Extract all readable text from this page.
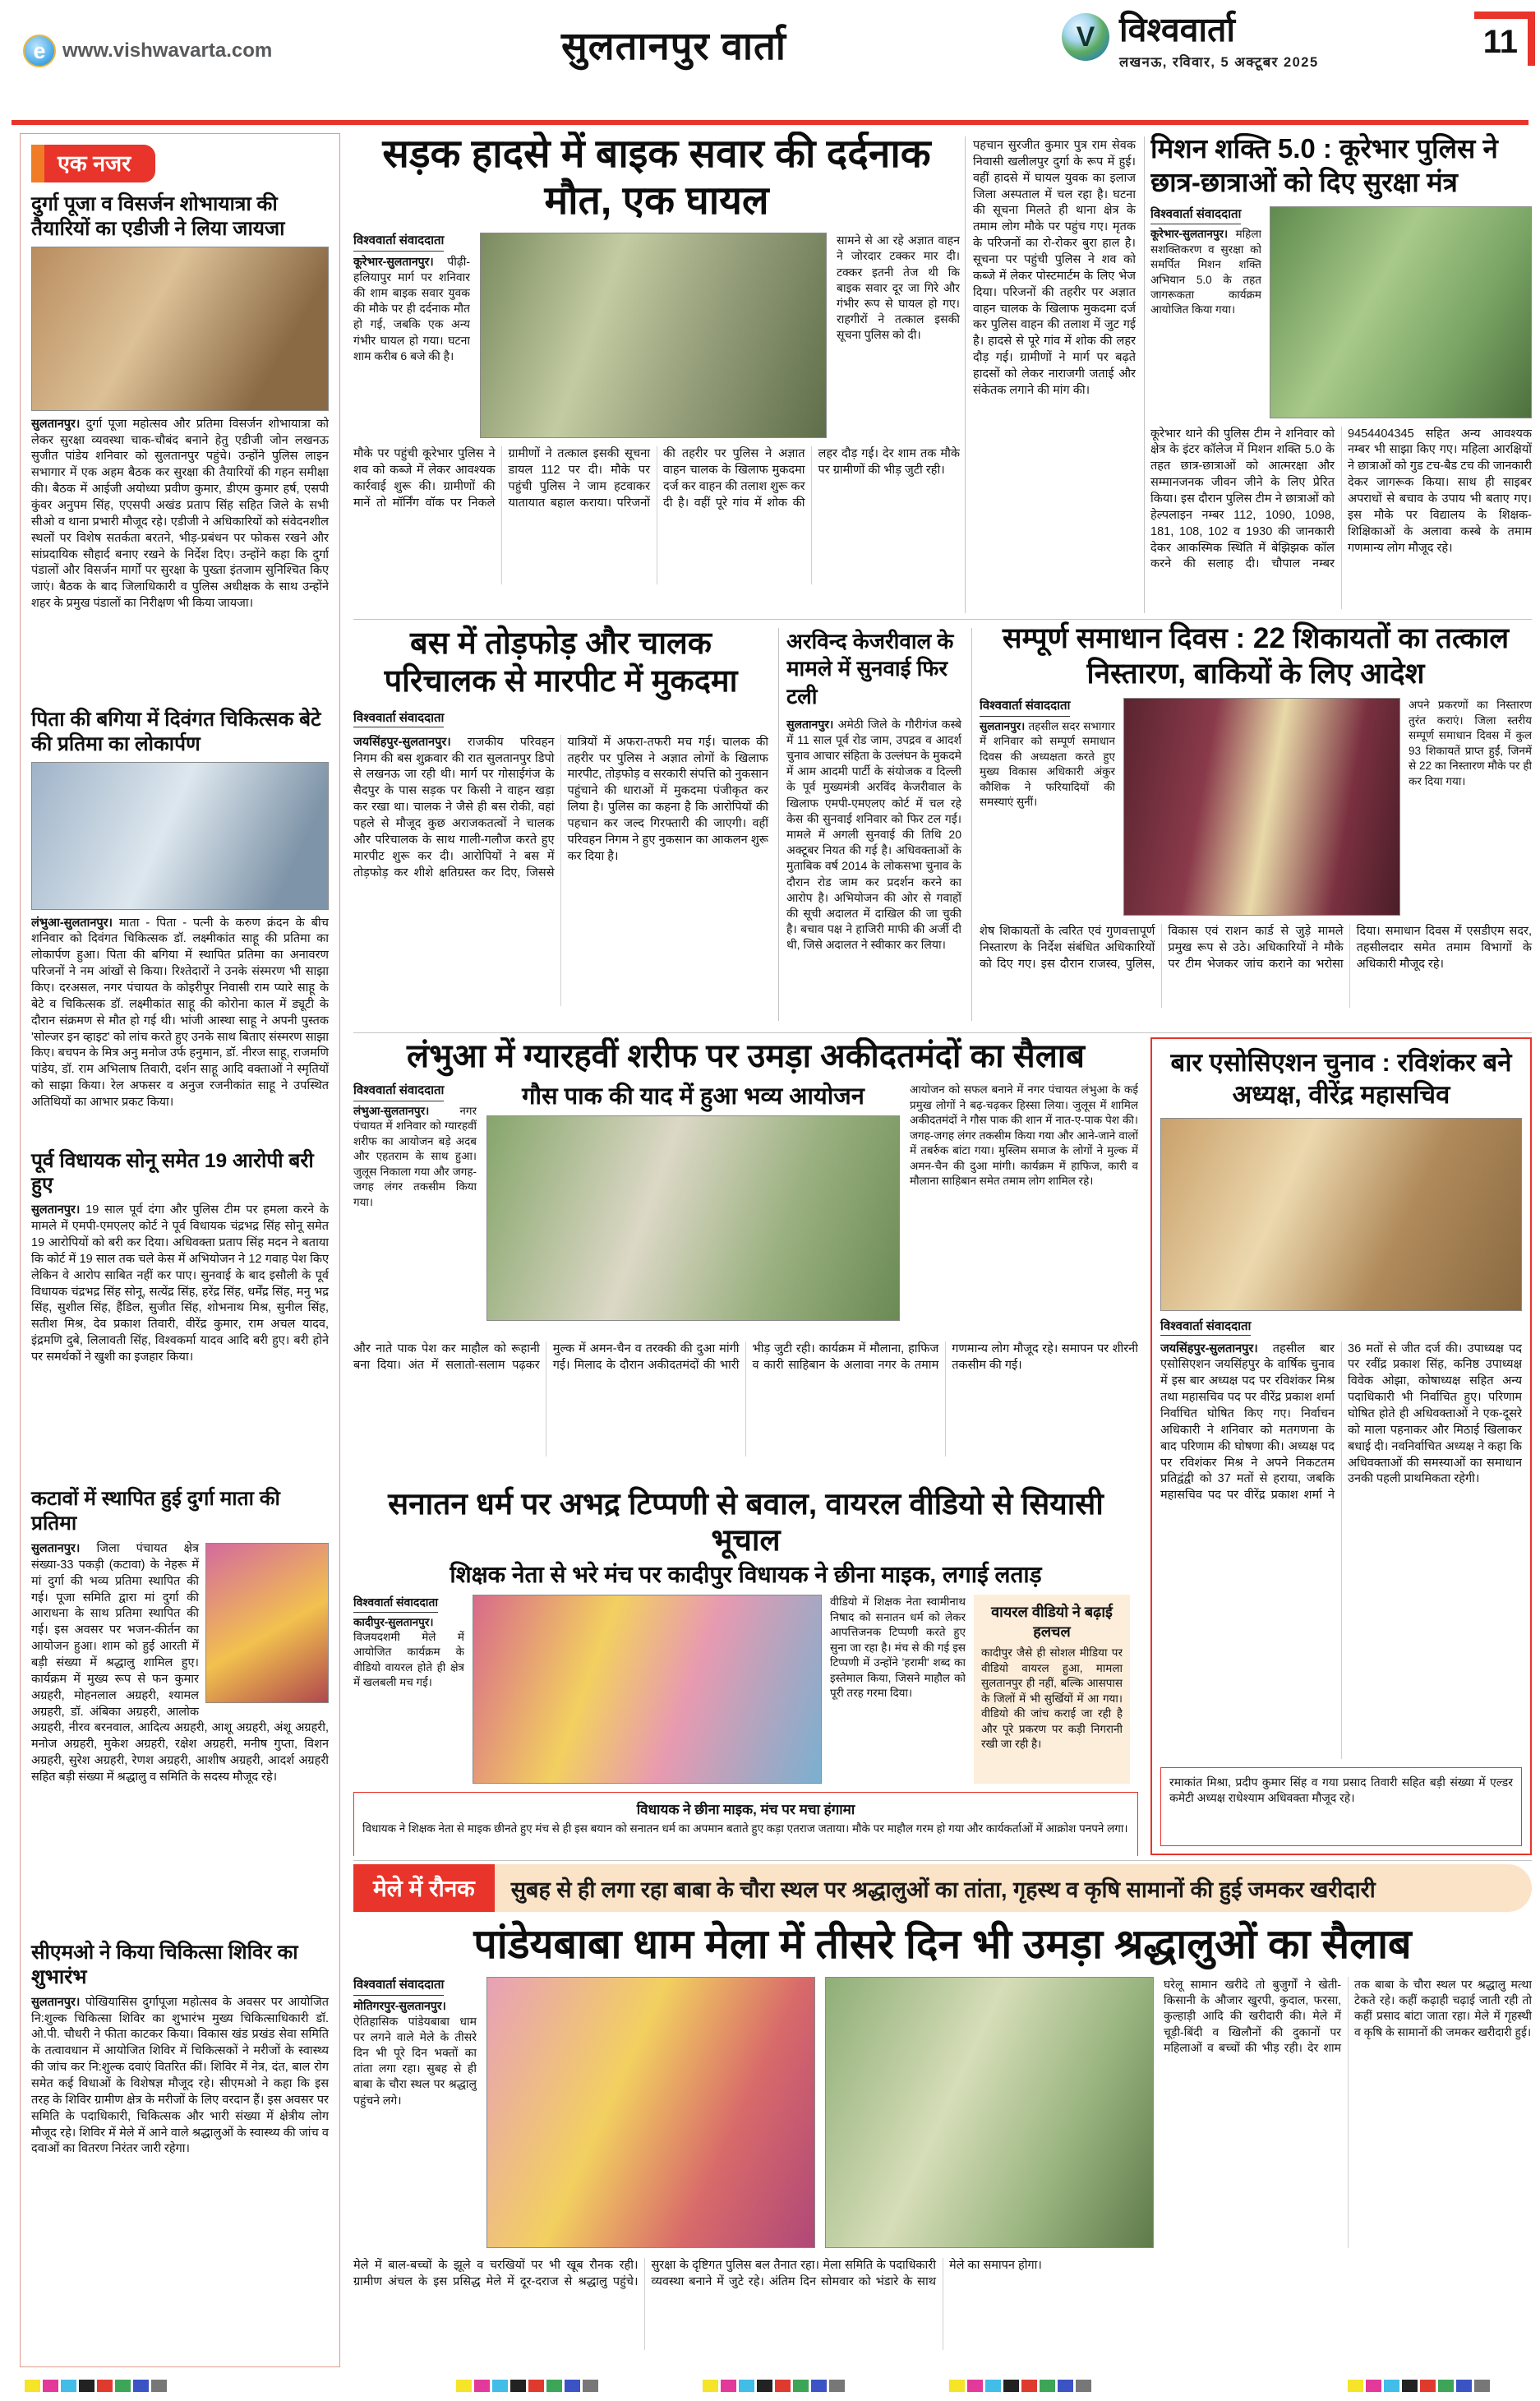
e www.vishwavarta.com	सुलतानपुर वार्ता	V विश्ववार्ता
लखनऊ, रविवार, 5 अक्टूबर 2025
11
एक नजर
दुर्गा पूजा व विसर्जन शोभायात्रा की तैयारियों का एडीजी ने लिया जायजा
सुलतानपुर। दुर्गा पूजा महोत्सव और प्रतिमा विसर्जन शोभायात्रा को लेकर सुरक्षा व्यवस्था चाक-चौबंद बनाने हेतु एडीजी जोन लखनऊ सुजीत पांडेय शनिवार को सुलतानपुर पहुंचे। उन्होंने पुलिस लाइन सभागार में एक अहम बैठक कर सुरक्षा की तैयारियों की गहन समीक्षा की। बैठक में आईजी अयोध्या प्रवीण कुमार, डीएम कुमार हर्ष, एसपी कुंवर अनुपम सिंह, एएसपी अखंड प्रताप सिंह सहित जिले के सभी सीओ व थाना प्रभारी मौजूद रहे। एडीजी ने अधिकारियों को संवेदनशील स्थलों पर विशेष सतर्कता बरतने, भीड़-प्रबंधन पर फोकस रखने और सांप्रदायिक सौहार्द बनाए रखने के निर्देश दिए। उन्होंने कहा कि दुर्गा पंडालों और विसर्जन मार्गों पर सुरक्षा के पुख्ता इंतजाम सुनिश्चित किए जाएं। बैठक के बाद जिलाधिकारी व पुलिस अधीक्षक के साथ उन्होंने शहर के प्रमुख पंडालों का निरीक्षण भी किया जायजा।
पिता की बगिया में दिवंगत चिकित्सक बेटे की प्रतिमा का लोकार्पण
लंभुआ-सुलतानपुर। माता - पिता - पत्नी के करुण क्रंदन के बीच शनिवार को दिवंगत चिकित्सक डॉ. लक्ष्मीकांत साहू की प्रतिमा का लोकार्पण हुआ। पिता की बगिया में स्थापित प्रतिमा का अनावरण परिजनों ने नम आंखों से किया। रिश्तेदारों ने उनके संस्मरण भी साझा किए। दरअसल, नगर पंचायत के कोइरीपुर निवासी राम प्यारे साहू के बेटे व चिकित्सक डॉ. लक्ष्मीकांत साहू की कोरोना काल में ड्यूटी के दौरान संक्रमण से मौत हो गई थी। भांजी आस्था साहू ने अपनी पुस्तक 'सोल्जर इन व्हाइट' को लांच करते हुए उनके साथ बिताए संस्मरण साझा किए। बचपन के मित्र अनु मनोज उर्फ हनुमान, डॉ. नीरज साहू, राजमणि पांडेय, डॉ. राम अभिलाष तिवारी, दर्शन साहू आदि वक्ताओं ने स्मृतियों को साझा किया। रेल अफसर व अनुज रजनीकांत साहू ने उपस्थित अतिथियों का आभार प्रकट किया।
पूर्व विधायक सोनू समेत 19 आरोपी बरी हुए
सुलतानपुर। 19 साल पूर्व दंगा और पुलिस टीम पर हमला करने के मामले में एमपी-एमएलए कोर्ट ने पूर्व विधायक चंद्रभद्र सिंह सोनू समेत 19 आरोपियों को बरी कर दिया। अधिवक्ता प्रताप सिंह मदन ने बताया कि कोर्ट में 19 साल तक चले केस में अभियोजन ने 12 गवाह पेश किए लेकिन वे आरोप साबित नहीं कर पाए। सुनवाई के बाद इसौली के पूर्व विधायक चंद्रभद्र सिंह सोनू, सत्येंद्र सिंह, हरेंद्र सिंह, धर्मेंद्र सिंह, मनु भद्र सिंह, सुशील सिंह, हैंडिल, सुजीत सिंह, शोभनाथ मिश्र, सुनील सिंह, सतीश मिश्र, देव प्रकाश तिवारी, वीरेंद्र कुमार, राम अचल यादव, इंद्रमणि दुबे, लिलावती सिंह, विश्वकर्मा यादव आदि बरी हुए। बरी होने पर समर्थकों ने खुशी का इजहार किया।
कटावों में स्थापित हुई दुर्गा माता की प्रतिमा
सुलतानपुर। जिला पंचायत क्षेत्र संख्या-33 पकड़ी (कटावा) के नेहरू में मां दुर्गा की भव्य प्रतिमा स्थापित की गई। पूजा समिति द्वारा मां दुर्गा की आराधना के साथ प्रतिमा स्थापित की गई। इस अवसर पर भजन-कीर्तन का आयोजन हुआ। शाम को हुई आरती में बड़ी संख्या में श्रद्धालु शामिल हुए। कार्यक्रम में मुख्य रूप से फन कुमार अग्रहरी, मोहनलाल अग्रहरी, श्यामल अग्रहरी, डॉ. अंबिका अग्रहरी, आलोक अग्रहरी, नीरव बरनवाल, आदित्य अग्रहरी, आशू अग्रहरी, अंशू अग्रहरी, मनोज अग्रहरी, मुकेश अग्रहरी, रक्षेश अग्रहरी, मनीष गुप्ता, विशन अग्रहरी, सुरेश अग्रहरी, रेणश अग्रहरी, आशीष अग्रहरी, आदर्श अग्रहरी सहित बड़ी संख्या में श्रद्धालु व समिति के सदस्य मौजूद रहे।
सीएमओ ने किया चिकित्सा शिविर का शुभारंभ
सुलतानपुर। पोखियासिस दुर्गापूजा महोत्सव के अवसर पर आयोजित नि:शुल्क चिकित्सा शिविर का शुभारंभ मुख्य चिकित्साधिकारी डॉ. ओ.पी. चौधरी ने फीता काटकर किया। विकास खंड प्रखंड सेवा समिति के तत्वावधान में आयोजित शिविर में चिकित्सकों ने मरीजों के स्वास्थ्य की जांच कर नि:शुल्क दवाएं वितरित कीं। शिविर में नेत्र, दंत, बाल रोग समेत कई विधाओं के विशेषज्ञ मौजूद रहे। सीएमओ ने कहा कि इस तरह के शिविर ग्रामीण क्षेत्र के मरीजों के लिए वरदान हैं। इस अवसर पर समिति के पदाधिकारी, चिकित्सक और भारी संख्या में क्षेत्रीय लोग मौजूद रहे। शिविर में मेले में आने वाले श्रद्धालुओं के स्वास्थ्य की जांच व दवाओं का वितरण निरंतर जारी रहेगा।
सड़क हादसे में बाइक सवार की दर्दनाक मौत, एक घायल
विश्ववार्ता संवाददाता
कूरेभार-सुलतानपुर। पीढ़ी-हलियापुर मार्ग पर शनिवार की शाम बाइक सवार युवक की मौके पर ही दर्दनाक मौत हो गई, जबकि एक अन्य गंभीर घायल हो गया। घटना शाम करीब 6 बजे की है।
सामने से आ रहे अज्ञात वाहन ने जोरदार टक्कर मार दी। टक्कर इतनी तेज थी कि बाइक सवार दूर जा गिरे और गंभीर रूप से घायल हो गए। राहगीरों ने तत्काल इसकी सूचना पुलिस को दी।
मौके पर पहुंची कूरेभार पुलिस ने शव को कब्जे में लेकर आवश्यक कार्रवाई शुरू की। ग्रामीणों की मानें तो मॉर्निंग वॉक पर निकले ग्रामीणों ने तत्काल इसकी सूचना डायल 112 पर दी। मौके पर पहुंची पुलिस ने जाम हटवाकर यातायात बहाल कराया। परिजनों की तहरीर पर पुलिस ने अज्ञात वाहन चालक के खिलाफ मुकदमा दर्ज कर वाहन की तलाश शुरू कर दी है। वहीं पूरे गांव में शोक की लहर दौड़ गई। देर शाम तक मौके पर ग्रामीणों की भीड़ जुटी रही।
पहचान सुरजीत कुमार पुत्र राम सेवक निवासी खलीलपुर दुर्गा के रूप में हुई। वहीं हादसे में घायल युवक का इलाज जिला अस्पताल में चल रहा है। घटना की सूचना मिलते ही थाना क्षेत्र के तमाम लोग मौके पर पहुंच गए। मृतक के परिजनों का रो-रोकर बुरा हाल है। सूचना पर पहुंची पुलिस ने शव को कब्जे में लेकर पोस्टमार्टम के लिए भेज दिया। परिजनों की तहरीर पर अज्ञात वाहन चालक के खिलाफ मुकदमा दर्ज कर पुलिस वाहन की तलाश में जुट गई है। हादसे से पूरे गांव में शोक की लहर दौड़ गई। ग्रामीणों ने मार्ग पर बढ़ते हादसों को लेकर नाराजगी जताई और संकेतक लगाने की मांग की।
मिशन शक्ति 5.0 : कूरेभार पुलिस ने छात्र-छात्राओं को दिए सुरक्षा मंत्र
विश्ववार्ता संवाददाता
कूरेभार-सुलतानपुर। महिला सशक्तिकरण व सुरक्षा को समर्पित मिशन शक्ति अभियान 5.0 के तहत जागरूकता कार्यक्रम आयोजित किया गया।
कूरेभार थाने की पुलिस टीम ने शनिवार को क्षेत्र के इंटर कॉलेज में मिशन शक्ति 5.0 के तहत छात्र-छात्राओं को आत्मरक्षा और सम्मानजनक जीवन जीने के लिए प्रेरित किया। इस दौरान पुलिस टीम ने छात्राओं को हेल्पलाइन नम्बर 112, 1090, 1098, 181, 108, 102 व 1930 की जानकारी देकर आकस्मिक स्थिति में बेझिझक कॉल करने की सलाह दी। चौपाल नम्बर 9454404345 सहित अन्य आवश्यक नम्बर भी साझा किए गए। महिला आरक्षियों ने छात्राओं को गुड टच-बैड टच की जानकारी देकर जागरूक किया। साथ ही साइबर अपराधों से बचाव के उपाय भी बताए गए। इस मौके पर विद्यालय के शिक्षक-शिक्षिकाओं के अलावा कस्बे के तमाम गणमान्य लोग मौजूद रहे।
बस में तोड़फोड़ और चालक परिचालक से मारपीट में मुकदमा
विश्ववार्ता संवाददाता
जयसिंहपुर-सुलतानपुर। राजकीय परिवहन निगम की बस शुक्रवार की रात सुलतानपुर डिपो से लखनऊ जा रही थी। मार्ग पर गोसाईगंज के सैदपुर के पास सड़क पर किसी ने वाहन खड़ा कर रखा था। चालक ने जैसे ही बस रोकी, वहां पहले से मौजूद कुछ अराजकतत्वों ने चालक और परिचालक के साथ गाली-गलौज करते हुए मारपीट शुरू कर दी। आरोपियों ने बस में तोड़फोड़ कर शीशे क्षतिग्रस्त कर दिए, जिससे यात्रियों में अफरा-तफरी मच गई। चालक की तहरीर पर पुलिस ने अज्ञात लोगों के खिलाफ मारपीट, तोड़फोड़ व सरकारी संपत्ति को नुकसान पहुंचाने की धाराओं में मुकदमा पंजीकृत कर लिया है। पुलिस का कहना है कि आरोपियों की पहचान कर जल्द गिरफ्तारी की जाएगी। वहीं परिवहन निगम ने हुए नुकसान का आकलन शुरू कर दिया है।
अरविन्द केजरीवाल के मामले में सुनवाई फिर टली
सुलतानपुर। अमेठी जिले के गौरीगंज कस्बे में 11 साल पूर्व रोड जाम, उपद्रव व आदर्श चुनाव आचार संहिता के उल्लंघन के मुकदमे में आम आदमी पार्टी के संयोजक व दिल्ली के पूर्व मुख्यमंत्री अरविंद केजरीवाल के खिलाफ एमपी-एमएलए कोर्ट में चल रहे केस की सुनवाई शनिवार को फिर टल गई। मामले में अगली सुनवाई की तिथि 20 अक्टूबर नियत की गई है। अधिवक्ताओं के मुताबिक वर्ष 2014 के लोकसभा चुनाव के दौरान रोड जाम कर प्रदर्शन करने का आरोप है। अभियोजन की ओर से गवाहों की सूची अदालत में दाखिल की जा चुकी है। बचाव पक्ष ने हाजिरी माफी की अर्जी दी थी, जिसे अदालत ने स्वीकार कर लिया।
सम्पूर्ण समाधान दिवस : 22 शिकायतों का तत्काल निस्तारण, बाकियों के लिए आदेश
विश्ववार्ता संवाददाता
सुलतानपुर। तहसील सदर सभागार में शनिवार को सम्पूर्ण समाधान दिवस की अध्यक्षता करते हुए मुख्य विकास अधिकारी अंकुर कौशिक ने फरियादियों की समस्याएं सुनीं।
अपने प्रकरणों का निस्तारण तुरंत कराएं। जिला स्तरीय सम्पूर्ण समाधान दिवस में कुल 93 शिकायतें प्राप्त हुईं, जिनमें से 22 का निस्तारण मौके पर ही कर दिया गया।
शेष शिकायतों के त्वरित एवं गुणवत्तापूर्ण निस्तारण के निर्देश संबंधित अधिकारियों को दिए गए। इस दौरान राजस्व, पुलिस, विकास एवं राशन कार्ड से जुड़े मामले प्रमुख रूप से उठे। अधिकारियों ने मौके पर टीम भेजकर जांच कराने का भरोसा दिया। समाधान दिवस में एसडीएम सदर, तहसीलदार समेत तमाम विभागों के अधिकारी मौजूद रहे।
लंभुआ में ग्यारहवीं शरीफ पर उमड़ा अकीदतमंदों का सैलाब
विश्ववार्ता संवाददाता
लंभुआ-सुलतानपुर।	नगर पंचायत में शनिवार को ग्यारहवीं शरीफ का आयोजन बड़े अदब और एहतराम के साथ हुआ। जुलूस निकाला गया और जगह-जगह लंगर तकसीम किया गया।
गौस पाक की याद में हुआ भव्य आयोजन	आयोजन को सफल बनाने में नगर पंचायत लंभुआ के कई प्रमुख लोगों ने बढ़-चढ़कर हिस्सा लिया। जुलूस में शामिल अकीदतमंदों ने गौस पाक की शान में नात-ए-पाक पेश की। जगह-जगह लंगर तकसीम किया गया और आने-जाने वालों में तबर्रुक बांटा गया। मुस्लिम समाज के लोगों ने मुल्क में अमन-चैन की दुआ मांगी। कार्यक्रम में हाफिज, कारी व मौलाना साहिबान समेत तमाम लोग शामिल रहे।
और नाते पाक पेश कर माहौल को रूहानी बना दिया। अंत में सलातो-सलाम पढ़कर मुल्क में अमन-चैन व तरक्की की दुआ मांगी गई। मिलाद के दौरान अकीदतमंदों की भारी भीड़ जुटी रही। कार्यक्रम में मौलाना, हाफिज व कारी साहिबान के अलावा नगर के तमाम गणमान्य लोग मौजूद रहे। समापन पर शीरनी तकसीम की गई।
बार एसोसिएशन चुनाव : रविशंकर बने अध्यक्ष, वीरेंद्र महासचिव
विश्ववार्ता संवाददाता
जयसिंहपुर-सुलतानपुर। तहसील बार एसोसिएशन जयसिंहपुर के वार्षिक चुनाव में इस बार अध्यक्ष पद पर रविशंकर मिश्र तथा महासचिव पद पर वीरेंद्र प्रकाश शर्मा निर्वाचित घोषित किए गए। निर्वाचन अधिकारी ने शनिवार को मतगणना के बाद परिणाम की घोषणा की। अध्यक्ष पद पर रविशंकर मिश्र ने अपने निकटतम प्रतिद्वंद्वी को 37 मतों से हराया, जबकि महासचिव पद पर वीरेंद्र प्रकाश शर्मा ने 36 मतों से जीत दर्ज की। उपाध्यक्ष पद पर रवींद्र प्रकाश सिंह, कनिष्ठ उपाध्यक्ष विवेक ओझा, कोषाध्यक्ष सहित अन्य पदाधिकारी भी निर्वाचित हुए। परिणाम घोषित होते ही अधिवक्ताओं ने एक-दूसरे को माला पहनाकर और मिठाई खिलाकर बधाई दी। नवनिर्वाचित अध्यक्ष ने कहा कि अधिवक्ताओं की समस्याओं का समाधान उनकी पहली प्राथमिकता रहेगी।
रमाकांत मिश्रा, प्रदीप कुमार सिंह व गया प्रसाद तिवारी सहित बड़ी संख्या में एल्डर कमेटी अध्यक्ष राधेश्याम अधिवक्ता मौजूद रहे।
सनातन धर्म पर अभद्र टिप्पणी से बवाल, वायरल वीडियो से सियासी भूचाल
शिक्षक नेता से भरे मंच पर कादीपुर विधायक ने छीना माइक, लगाई लताड़
विश्ववार्ता संवाददाता
कादीपुर-सुलतानपुर। विजयदशमी मेले में आयोजित कार्यक्रम के वीडियो वायरल होते ही क्षेत्र में खलबली मच गई।
वीडियो में शिक्षक नेता स्वामीनाथ निषाद को सनातन धर्म को लेकर आपत्तिजनक टिप्पणी करते हुए सुना जा रहा है। मंच से की गई इस टिप्पणी में उन्होंने 'हरामी' शब्द का इस्तेमाल किया, जिसने माहौल को पूरी तरह गरमा दिया।
वायरल वीडियो ने बढ़ाई हलचल
कादीपुर जैसे ही सोशल मीडिया पर वीडियो वायरल हुआ, मामला सुलतानपुर ही नहीं, बल्कि आसपास के जिलों में भी सुर्खियों में आ गया। वीडियो की जांच कराई जा रही है और पूरे प्रकरण पर कड़ी निगरानी रखी जा रही है।
विधायक ने छीना माइक, मंच पर मचा हंगामा
विधायक ने शिक्षक नेता से माइक छीनते हुए मंच से ही इस बयान को सनातन धर्म का अपमान बताते हुए कड़ा एतराज जताया। मौके पर माहौल गरम हो गया और कार्यकर्ताओं में आक्रोश पनपने लगा।
मेले में रौनक	सुबह से ही लगा रहा बाबा के चौरा स्थल पर श्रद्धालुओं का तांता, गृहस्थ व कृषि सामानों की हुई जमकर खरीदारी
पांडेयबाबा धाम मेला में तीसरे दिन भी उमड़ा श्रद्धालुओं का सैलाब
विश्ववार्ता संवाददाता
मोतिगरपुर-सुलतानपुर। ऐतिहासिक पांडेयबाबा धाम पर लगने वाले मेले के तीसरे दिन भी पूरे दिन भक्तों का तांता लगा रहा। सुबह से ही बाबा के चौरा स्थल पर श्रद्धालु पहुंचने लगे।
घरेलू सामान खरीदे तो बुजुर्गों ने खेती-किसानी के औजार खुरपी, कुदाल, फरसा, कुल्हाड़ी आदि की खरीदारी की। मेले में चूड़ी-बिंदी व खिलौनों की दुकानों पर महिलाओं व बच्चों की भीड़ रही। देर शाम तक बाबा के चौरा स्थल पर श्रद्धालु मत्था टेकते रहे। कहीं कढ़ाही चढ़ाई जाती रही तो कहीं प्रसाद बांटा जाता रहा। मेले में गृहस्थी व कृषि के सामानों की जमकर खरीदारी हुई।
मेले में बाल-बच्चों के झूले व चरखियों पर भी खूब रौनक रही। ग्रामीण अंचल के इस प्रसिद्ध मेले में दूर-दराज से श्रद्धालु पहुंचे। सुरक्षा के दृष्टिगत पुलिस बल तैनात रहा। मेला समिति के पदाधिकारी व्यवस्था बनाने में जुटे रहे। अंतिम दिन सोमवार को भंडारे के साथ मेले का समापन होगा।
